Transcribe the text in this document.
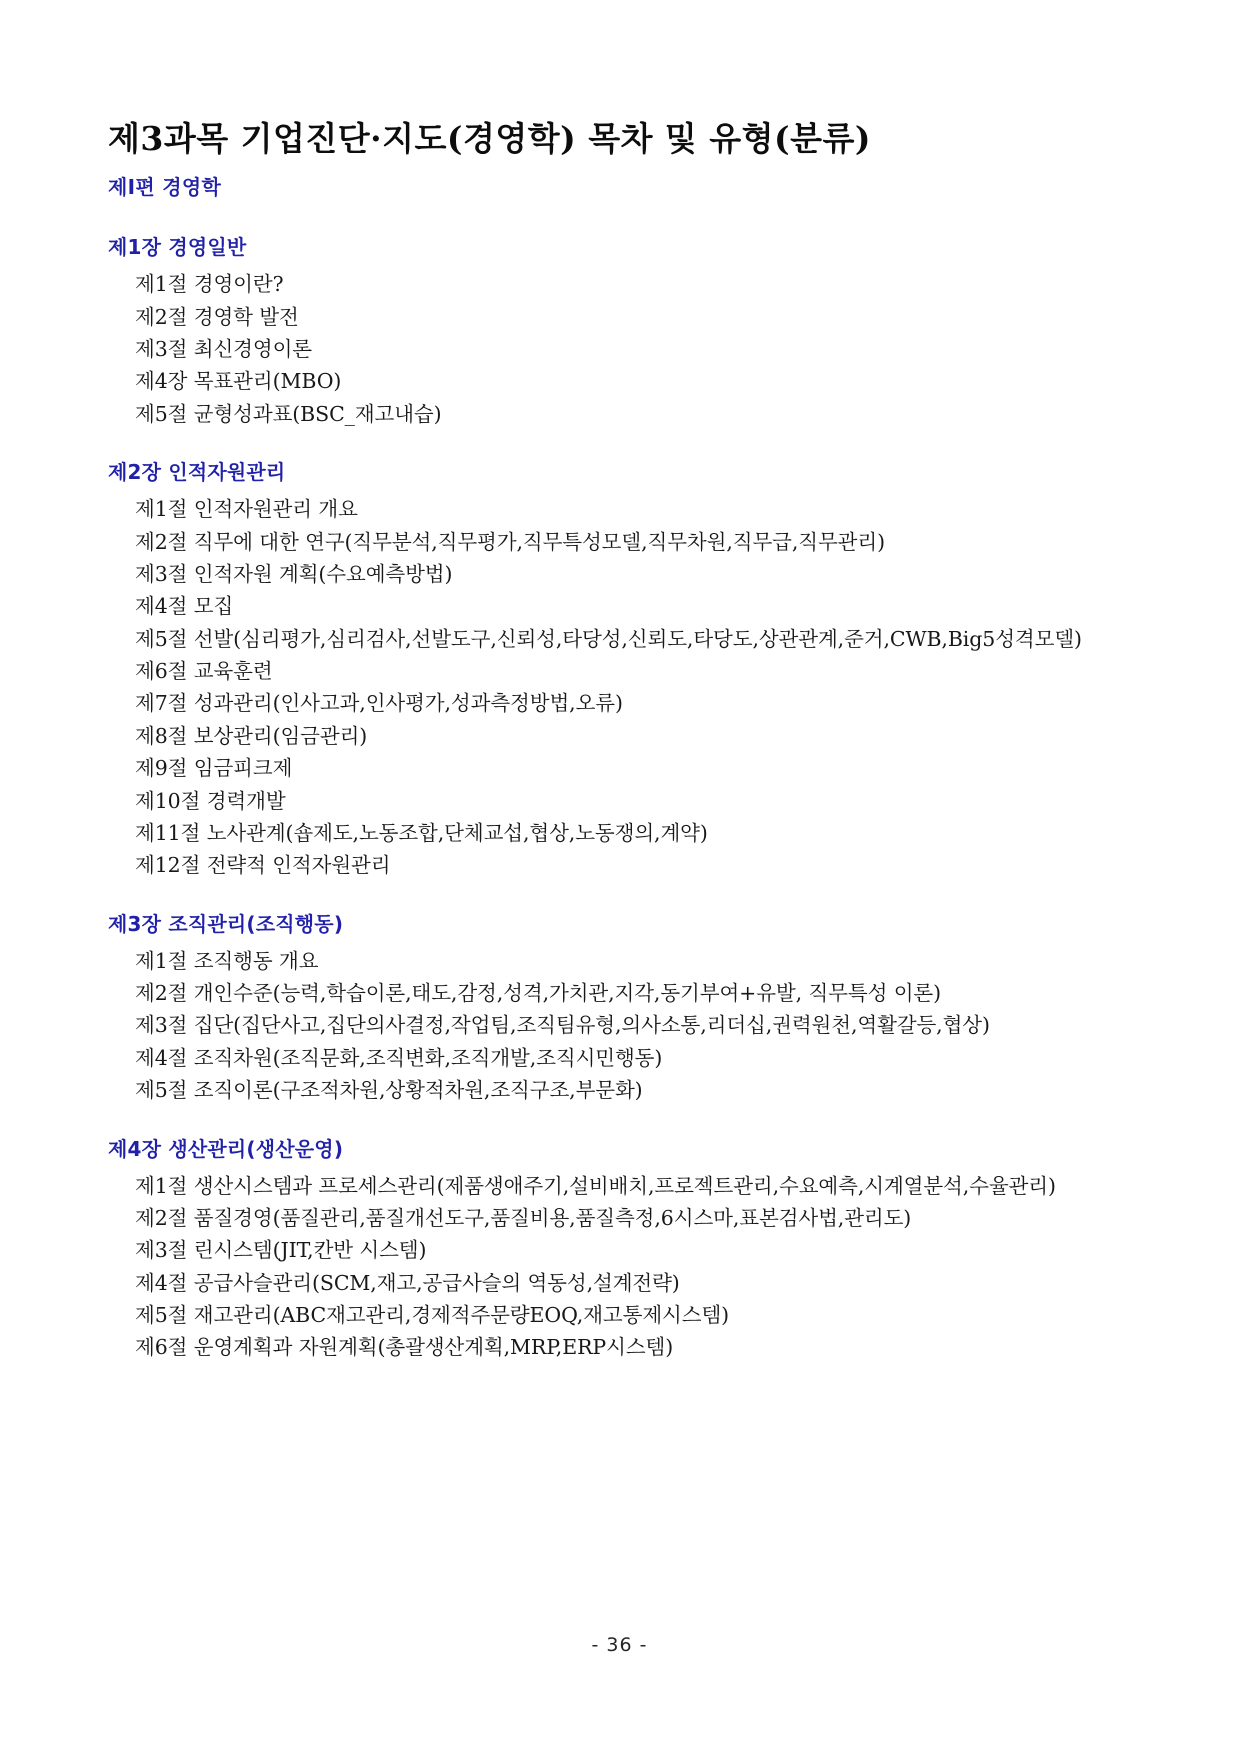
제3과목 기업진단·지도(경영학) 목차 및 유형(분류)
제Ⅰ편 경영학
제1장 경영일반
제1절 경영이란?
제2절 경영학 발전
제3절 최신경영이론
제4장 목표관리(MBO)
제5절 균형성과표(BSC_재고내습)
제2장 인적자원관리
제1절 인적자원관리 개요
제2절 직무에 대한 연구(직무분석,직무평가,직무특성모델,직무차원,직무급,직무관리)
제3절 인적자원 계획(수요예측방법)
제4절 모집
제5절 선발(심리평가,심리검사,선발도구,신뢰성,타당성,신뢰도,타당도,상관관계,준거,CWB,Big5성격모델)
제6절 교육훈련
제7절 성과관리(인사고과,인사평가,성과측정방법,오류)
제8절 보상관리(임금관리)
제9절 임금피크제
제10절 경력개발
제11절 노사관계(숍제도,노동조합,단체교섭,협상,노동쟁의,계약)
제12절 전략적 인적자원관리
제3장 조직관리(조직행동)
제1절 조직행동 개요
제2절 개인수준(능력,학습이론,태도,감정,성격,가치관,지각,동기부여+유발, 직무특성 이론)
제3절 집단(집단사고,집단의사결정,작업팀,조직팀유형,의사소통,리더십,권력원천,역활갈등,협상)
제4절 조직차원(조직문화,조직변화,조직개발,조직시민행동)
제5절 조직이론(구조적차원,상황적차원,조직구조,부문화)
제4장 생산관리(생산운영)
제1절 생산시스템과 프로세스관리(제품생애주기,설비배치,프로젝트관리,수요예측,시계열분석,수율관리)
제2절 품질경영(품질관리,품질개선도구,품질비용,품질측정,6시스마,표본검사법,관리도)
제3절 린시스템(JIT,칸반 시스템)
제4절 공급사슬관리(SCM,재고,공급사슬의 역동성,설계전략)
제5절 재고관리(ABC재고관리,경제적주문량EOQ,재고통제시스템)
제6절 운영계획과 자원계획(총괄생산계획,MRP,ERP시스템)
- 36 -
